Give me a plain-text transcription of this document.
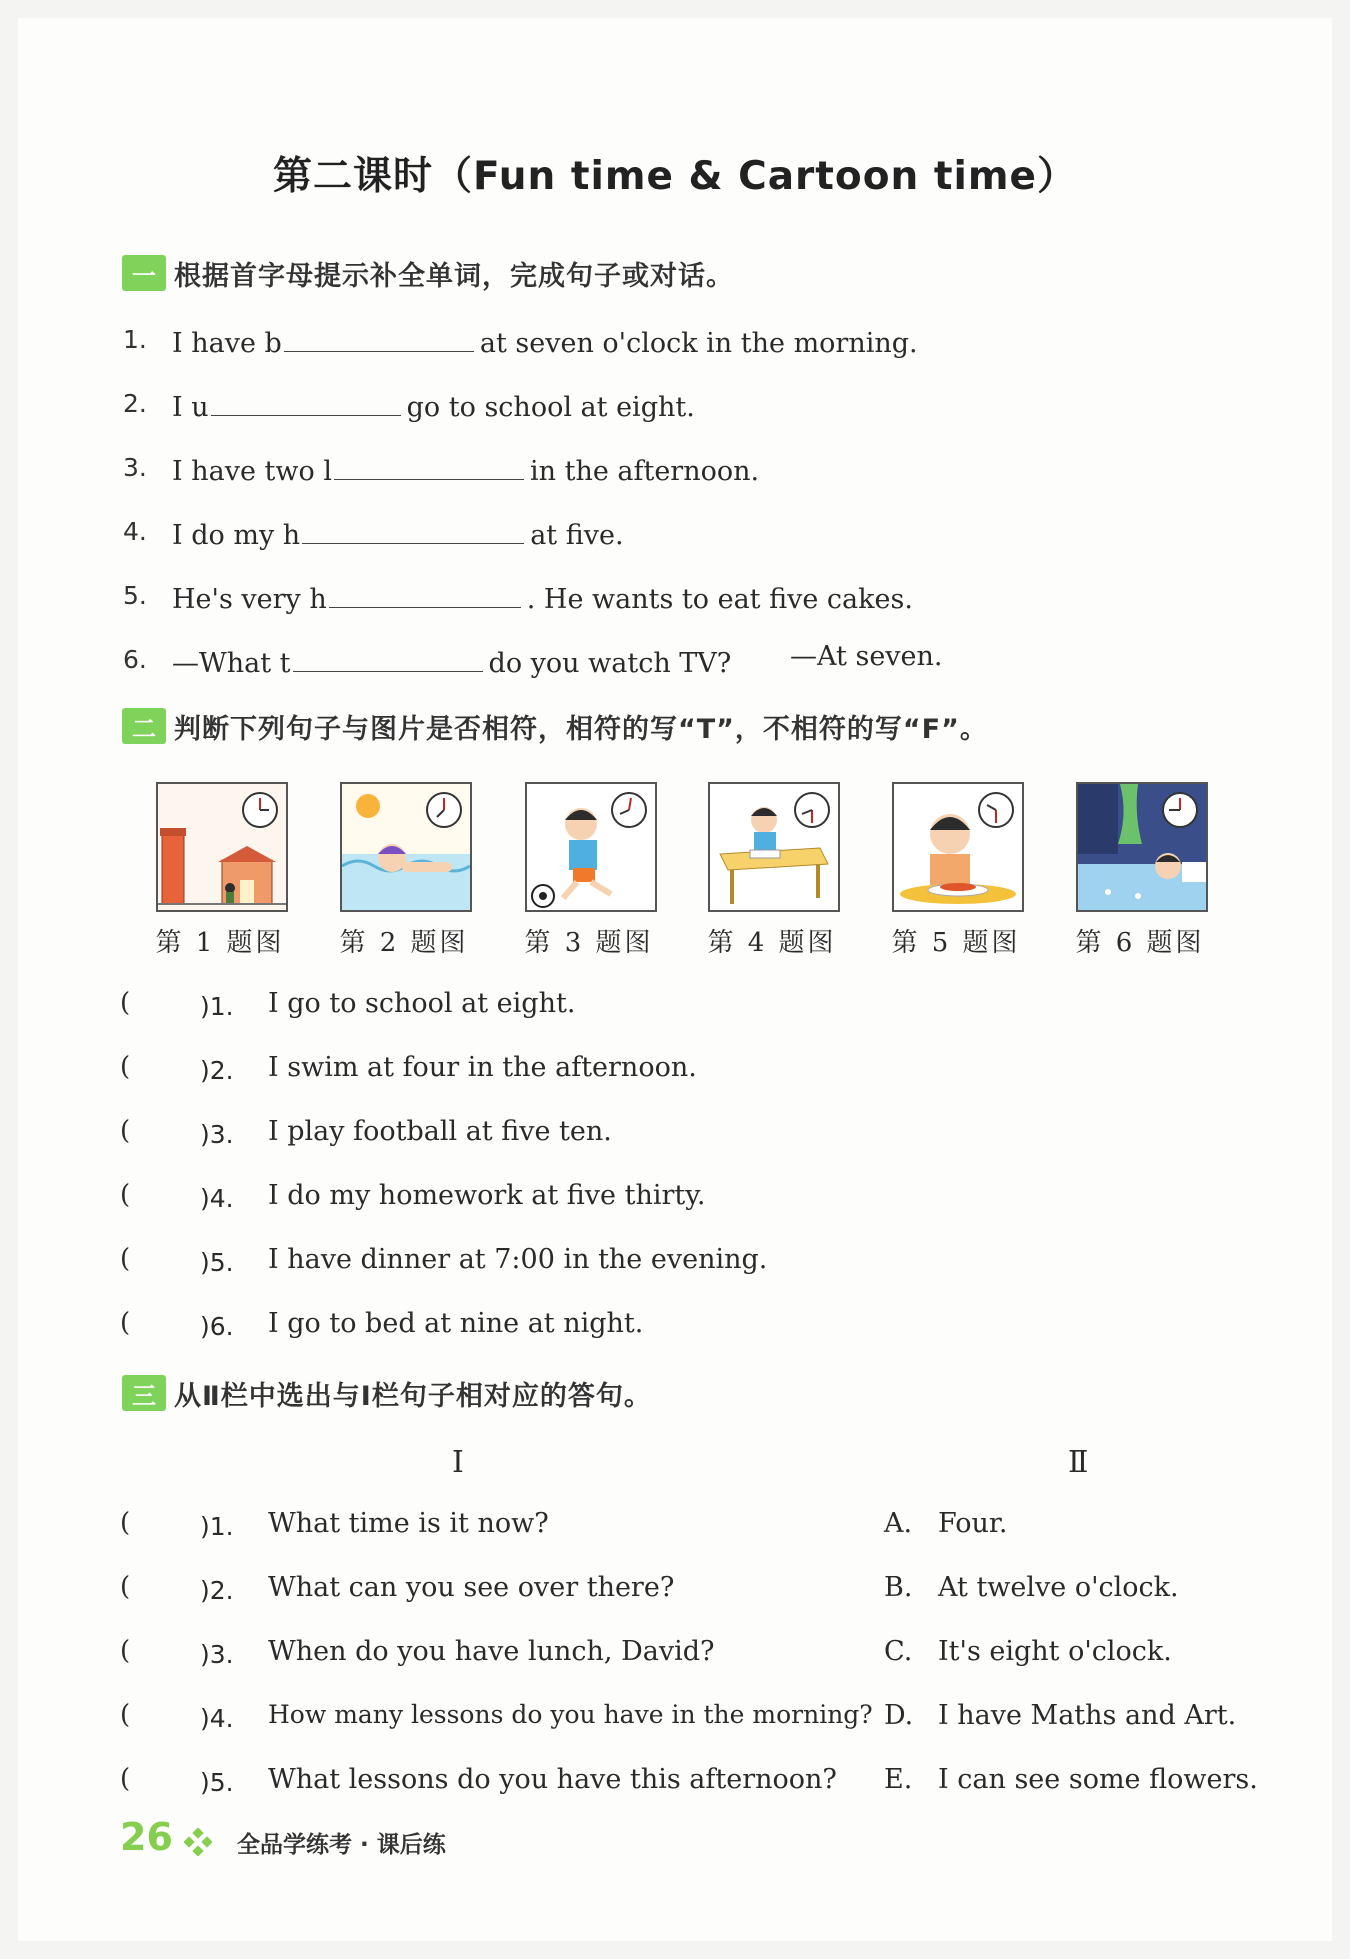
第二课时（Fun time & Cartoon time）
一 根据首字母提示补全单词，完成句子或对话。
1. I have b	at seven o'clock in the morning.
2. I u	go to school at eight.
3. I have two l	in the afternoon.
4. I do my h	at five.
5. He's very h	. He wants to eat five cakes.
6. —What t	do you watch TV? —At seven.
二 判断下列句子与图片是否相符，相符的写“T”，不相符的写“F”。
第 1 题图	第 2 题图	第 3 题图	第 4 题图	第 5 题图	第 6 题图
(	)1. I go to school at eight.
(	)2. I swim at four in the afternoon.
(	)3. I play football at five ten.
(	)4. I do my homework at five thirty.
(	)5. I have dinner at 7:00 in the evening.
(	)6. I go to bed at nine at night.
三 从Ⅱ栏中选出与Ⅰ栏句子相对应的答句。
Ⅰ	Ⅱ
(	)1. What time is it now?	A. Four.
(	)2. What can you see over there?	B. At twelve o'clock.
(	)3. When do you have lunch, David?	C. It's eight o'clock.
(	)4. How many lessons do you have in the morning? D. I have Maths and Art.
(	)5. What lessons do you have this afternoon? E. I can see some flowers.
26	全品学练考 · 课后练
